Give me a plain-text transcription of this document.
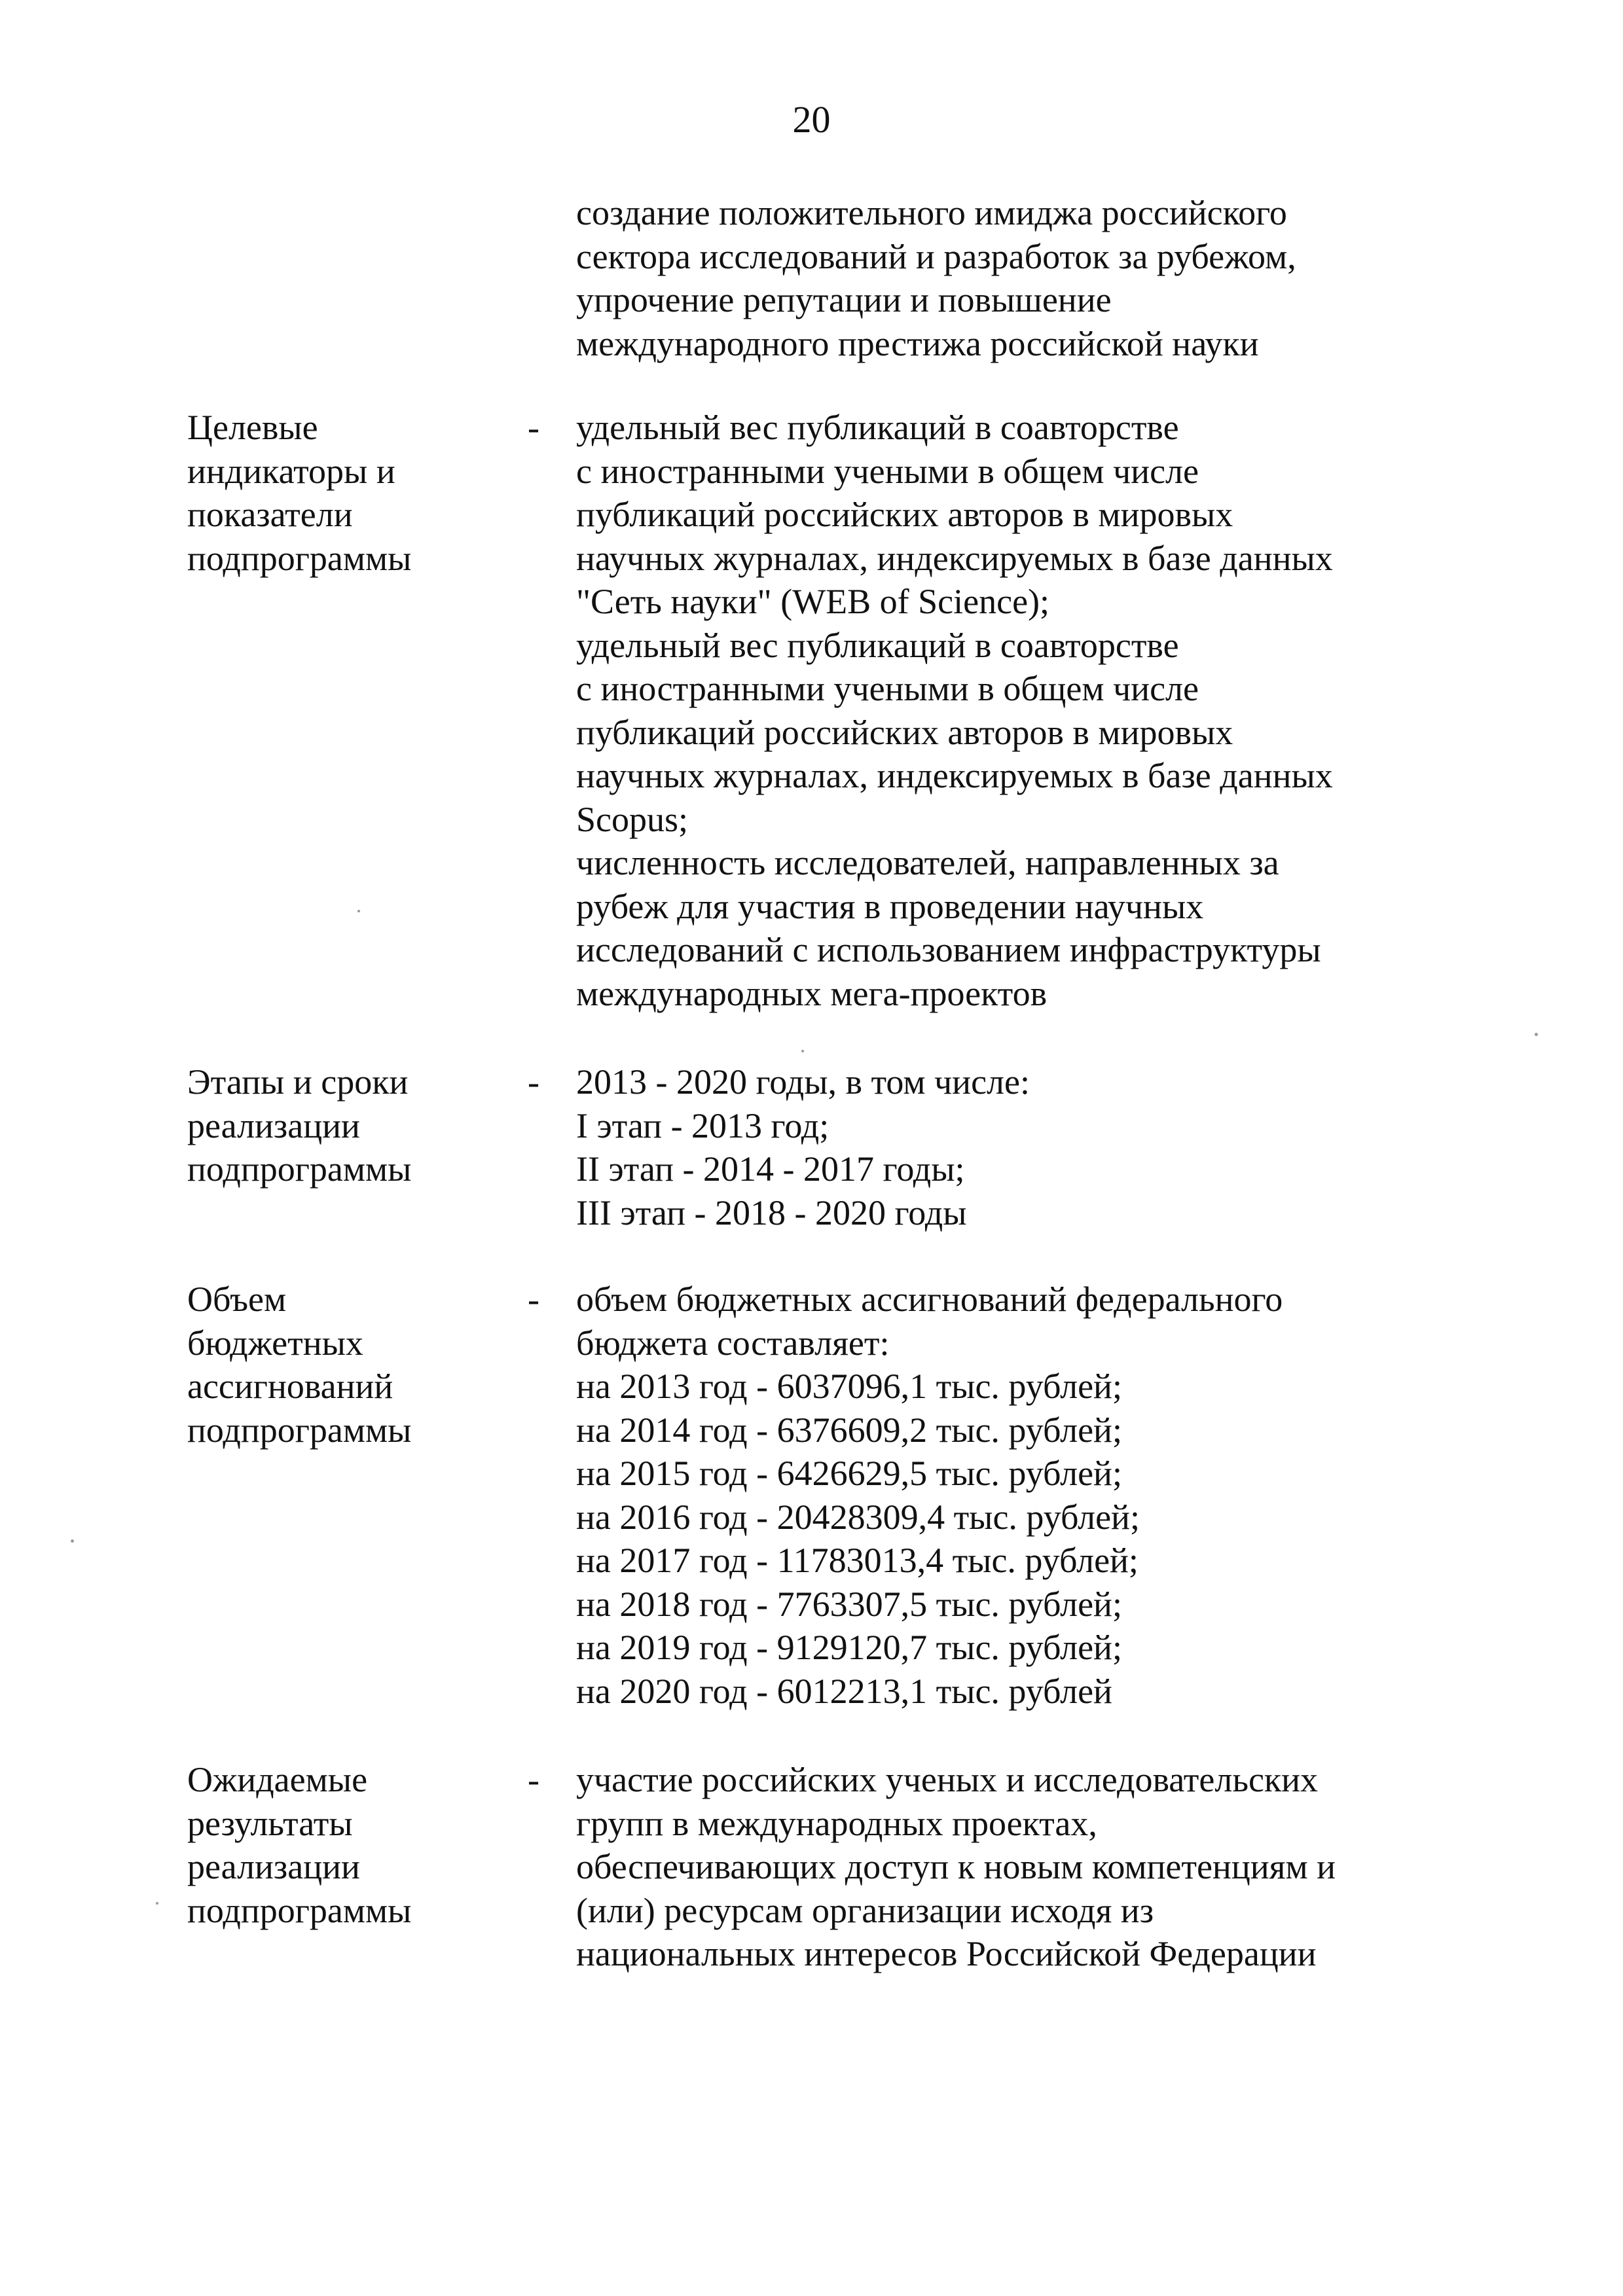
20
создание положительного имиджа российского
сектора исследований и разработок за рубежом,
упрочение репутации и повышение
международного престижа российской науки
Целевые
индикаторы и
показатели
подпрограммы
- удельный вес публикаций в соавторстве
с иностранными учеными в общем числе
публикаций российских авторов в мировых
научных журналах, индексируемых в базе данных
"Сеть науки" (WEB of Science);
удельный вес публикаций в соавторстве
с иностранными учеными в общем числе
публикаций российских авторов в мировых
научных журналах, индексируемых в базе данных
Scopus;
численность исследователей, направленных за
рубеж для участия в проведении научных
исследований с использованием инфраструктуры
международных мега-проектов
Этапы и сроки
реализации
подпрограммы
- 2013 - 2020 годы, в том числе:
I этап - 2013 год;
II этап - 2014 - 2017 годы;
III этап - 2018 - 2020 годы
Объем
бюджетных
ассигнований
подпрограммы
- объем бюджетных ассигнований федерального
бюджета составляет:
на 2013 год - 6037096,1 тыс. рублей;
на 2014 год - 6376609,2 тыс. рублей;
на 2015 год - 6426629,5 тыс. рублей;
на 2016 год - 20428309,4 тыс. рублей;
на 2017 год - 11783013,4 тыс. рублей;
на 2018 год - 7763307,5 тыс. рублей;
на 2019 год - 9129120,7 тыс. рублей;
на 2020 год - 6012213,1 тыс. рублей
Ожидаемые
результаты
реализации
подпрограммы
- участие российских ученых и исследовательских
групп в международных проектах,
обеспечивающих доступ к новым компетенциям и
(или) ресурсам организации исходя из
национальных интересов Российской Федерации
